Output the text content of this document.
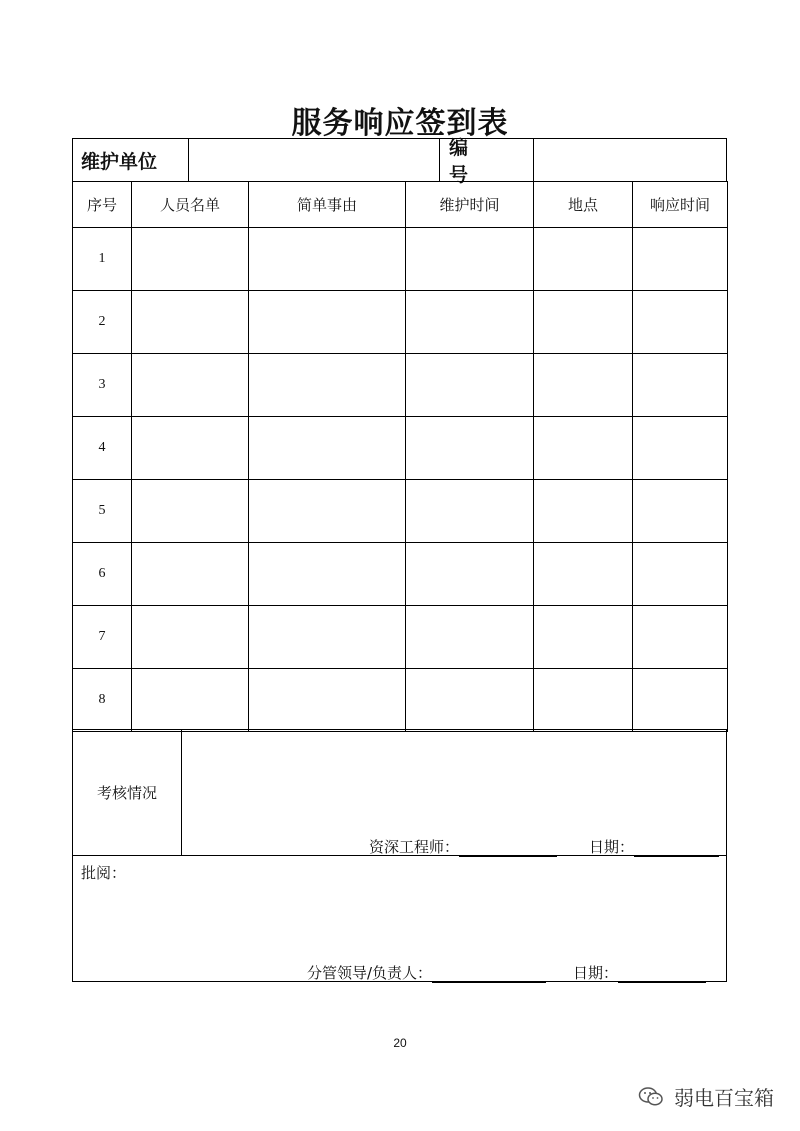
服务响应签到表
维护单位
编号
序号	人员名单	简单事由	维护时间	地点	响应时间
1					
2					
3					
4					
5					
6					
7					
8					
考核情况
资深工程师：	日期：
批阅：
分管领导/负责人：	日期：
20
弱电百宝箱
